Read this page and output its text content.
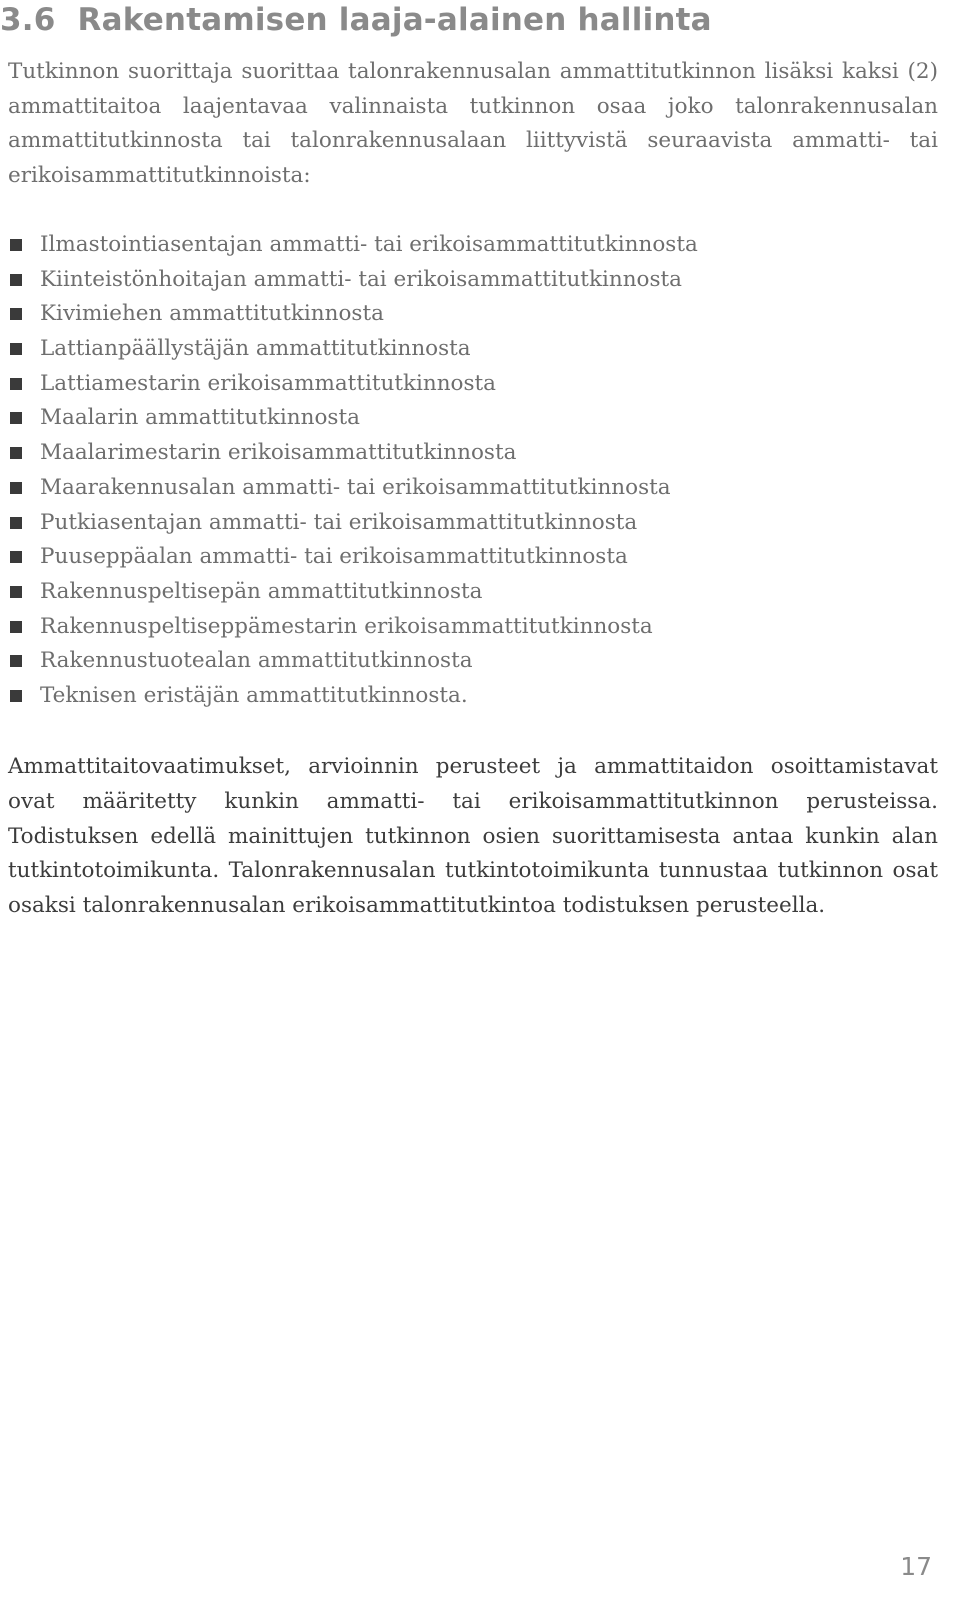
3.6 Rakentamisen laaja-alainen hallinta

Tutkinnon suorittaja suorittaa talonrakennusalan ammattitutkinnon lisäksi kaksi (2) ammattitaitoa laajentavaa valinnaista tutkinnon osaa joko talonrakennusalan ammattitutkinnosta tai talonrakennusalaan liittyvistä seuraavista ammatti- tai erikoisammattitutkinnoista:

Ilmastointiasentajan ammatti- tai erikoisammattitutkinnosta
Kiinteistönhoitajan ammatti- tai erikoisammattitutkinnosta
Kivimiehen ammattitutkinnosta
Lattianpäällystäjän ammattitutkinnosta
Lattiamestarin erikoisammattitutkinnosta
Maalarin ammattitutkinnosta
Maalarimestarin erikoisammattitutkinnosta
Maarakennusalan ammatti- tai erikoisammattitutkinnosta
Putkiasentajan ammatti- tai erikoisammattitutkinnosta
Puuseppäalan ammatti- tai erikoisammattitutkinnosta
Rakennuspeltisepän ammattitutkinnosta
Rakennuspeltiseppämestarin erikoisammattitutkinnosta
Rakennustuotealan ammattitutkinnosta
Teknisen eristäjän ammattitutkinnosta.

Ammattitaitovaatimukset, arvioinnin perusteet ja ammattitaidon osoittamistavat ovat määritetty kunkin ammatti- tai erikoisammattitutkinnon perusteissa. Todistuksen edellä mainittujen tutkinnon osien suorittamisesta antaa kunkin alan tutkintotoimikunta. Talonrakennusalan tutkintotoimikunta tunnustaa tutkinnon osat osaksi talonrakennusalan erikoisammattitutkintoa todistuksen perusteella.

17
